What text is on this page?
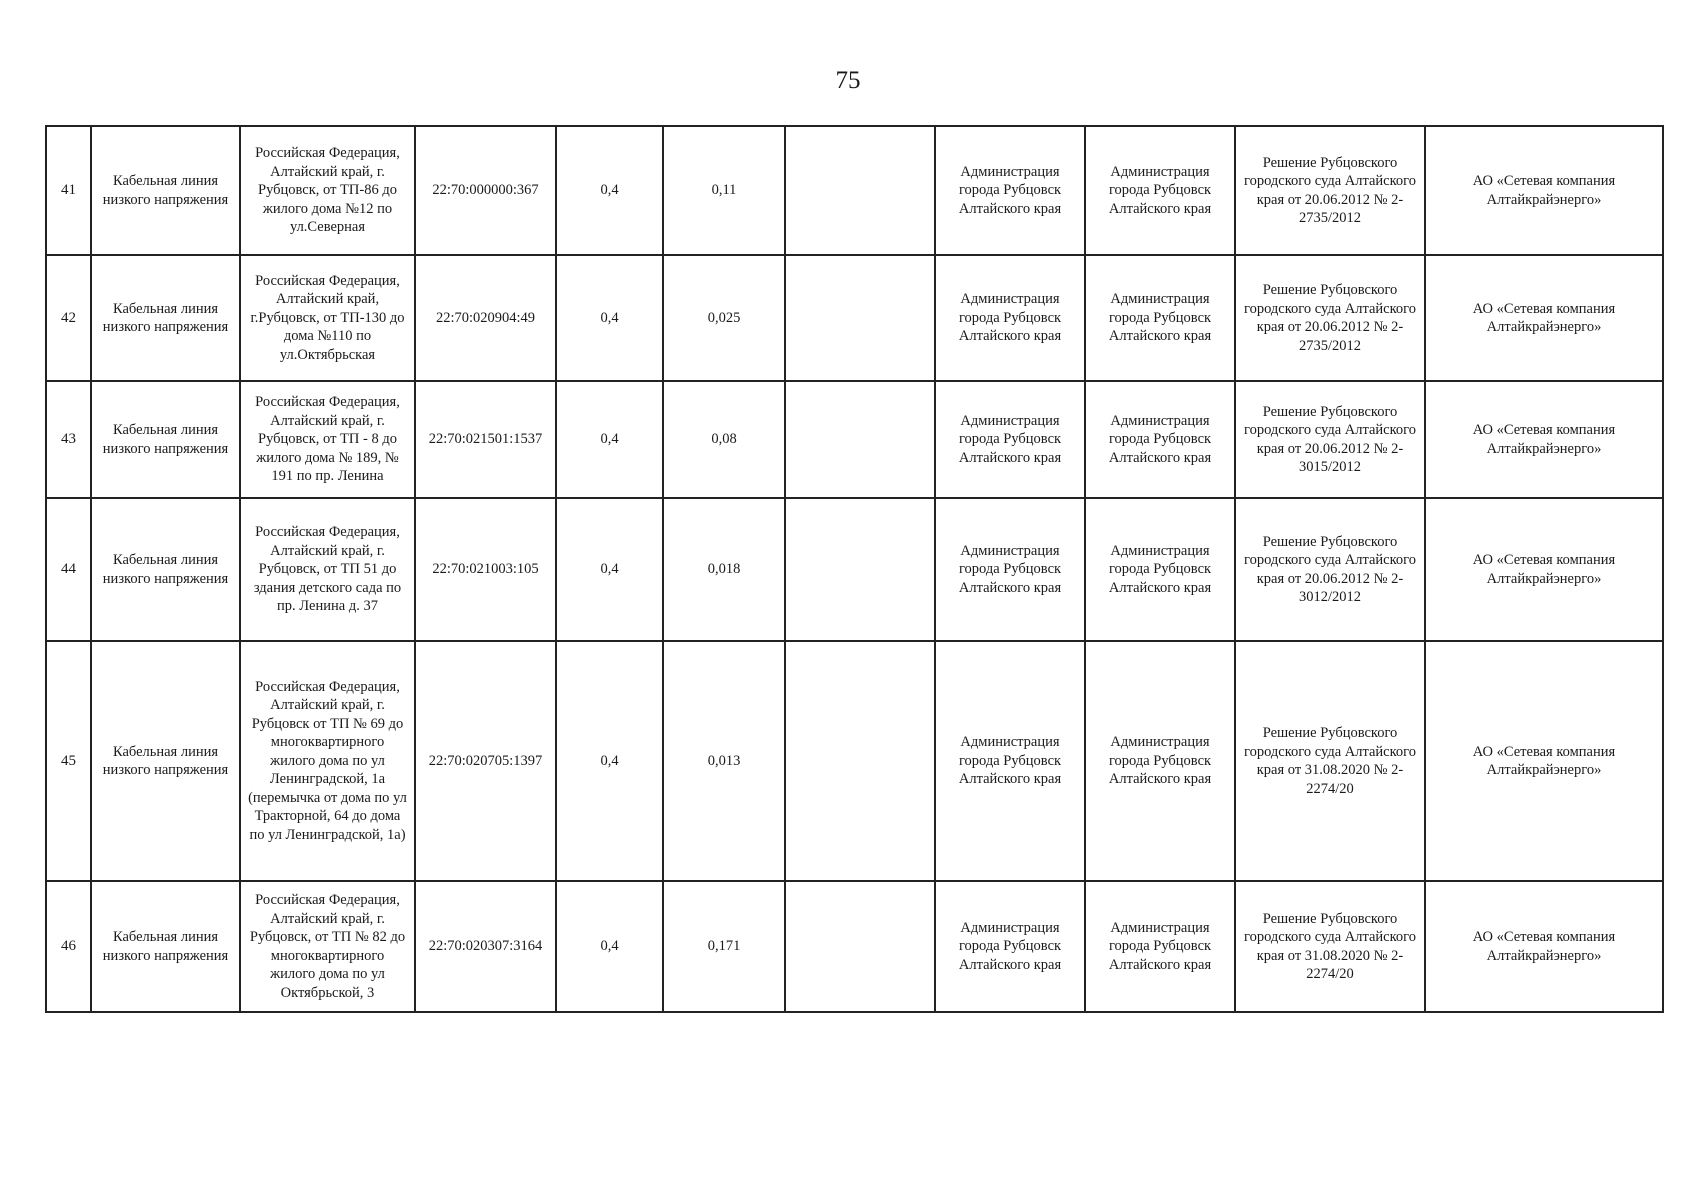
75
41	Кабельная линия низкого напряжения	Российская Федерация, Алтайский край, г. Рубцовск, от ТП-86 до жилого дома №12 по ул.Северная	22:70:000000:367	0,4	0,11		Администрация города Рубцовск Алтайского края	Администрация города Рубцовск Алтайского края	Решение Рубцовского городского суда Алтайского края от 20.06.2012 № 2-2735/2012	АО «Сетевая компания Алтайкрайэнерго»
42	Кабельная линия низкого напряжения	Российская Федерация, Алтайский край, г.Рубцовск, от ТП-130 до дома №110 по ул.Октябрьская	22:70:020904:49	0,4	0,025		Администрация города Рубцовск Алтайского края	Администрация города Рубцовск Алтайского края	Решение Рубцовского городского суда Алтайского края от 20.06.2012 № 2-2735/2012	АО «Сетевая компания Алтайкрайэнерго»
43	Кабельная линия низкого напряжения	Российская Федерация, Алтайский край, г. Рубцовск, от ТП - 8 до жилого дома № 189, № 191 по пр. Ленина	22:70:021501:1537	0,4	0,08		Администрация города Рубцовск Алтайского края	Администрация города Рубцовск Алтайского края	Решение Рубцовского городского суда Алтайского края от 20.06.2012 № 2-3015/2012	АО «Сетевая компания Алтайкрайэнерго»
44	Кабельная линия низкого напряжения	Российская Федерация, Алтайский край, г. Рубцовск, от ТП 51 до здания детского сада по пр. Ленина д. 37	22:70:021003:105	0,4	0,018		Администрация города Рубцовск Алтайского края	Администрация города Рубцовск Алтайского края	Решение Рубцовского городского суда Алтайского края от 20.06.2012 № 2-3012/2012	АО «Сетевая компания Алтайкрайэнерго»
45	Кабельная линия низкого напряжения	Российская Федерация, Алтайский край, г. Рубцовск от ТП № 69 до многоквартирного жилого дома по ул Ленинградской, 1а (перемычка от дома по ул Тракторной, 64 до дома по ул Ленинградской, 1а)	22:70:020705:1397	0,4	0,013		Администрация города Рубцовск Алтайского края	Администрация города Рубцовск Алтайского края	Решение Рубцовского городского суда Алтайского края от 31.08.2020 № 2-2274/20	АО «Сетевая компания Алтайкрайэнерго»
46	Кабельная линия низкого напряжения	Российская Федерация, Алтайский край, г. Рубцовск, от ТП № 82 до многоквартирного жилого дома по ул Октябрьской, 3	22:70:020307:3164	0,4	0,171		Администрация города Рубцовск Алтайского края	Администрация города Рубцовск Алтайского края	Решение Рубцовского городского суда Алтайского края от 31.08.2020 № 2-2274/20	АО «Сетевая компания Алтайкрайэнерго»
